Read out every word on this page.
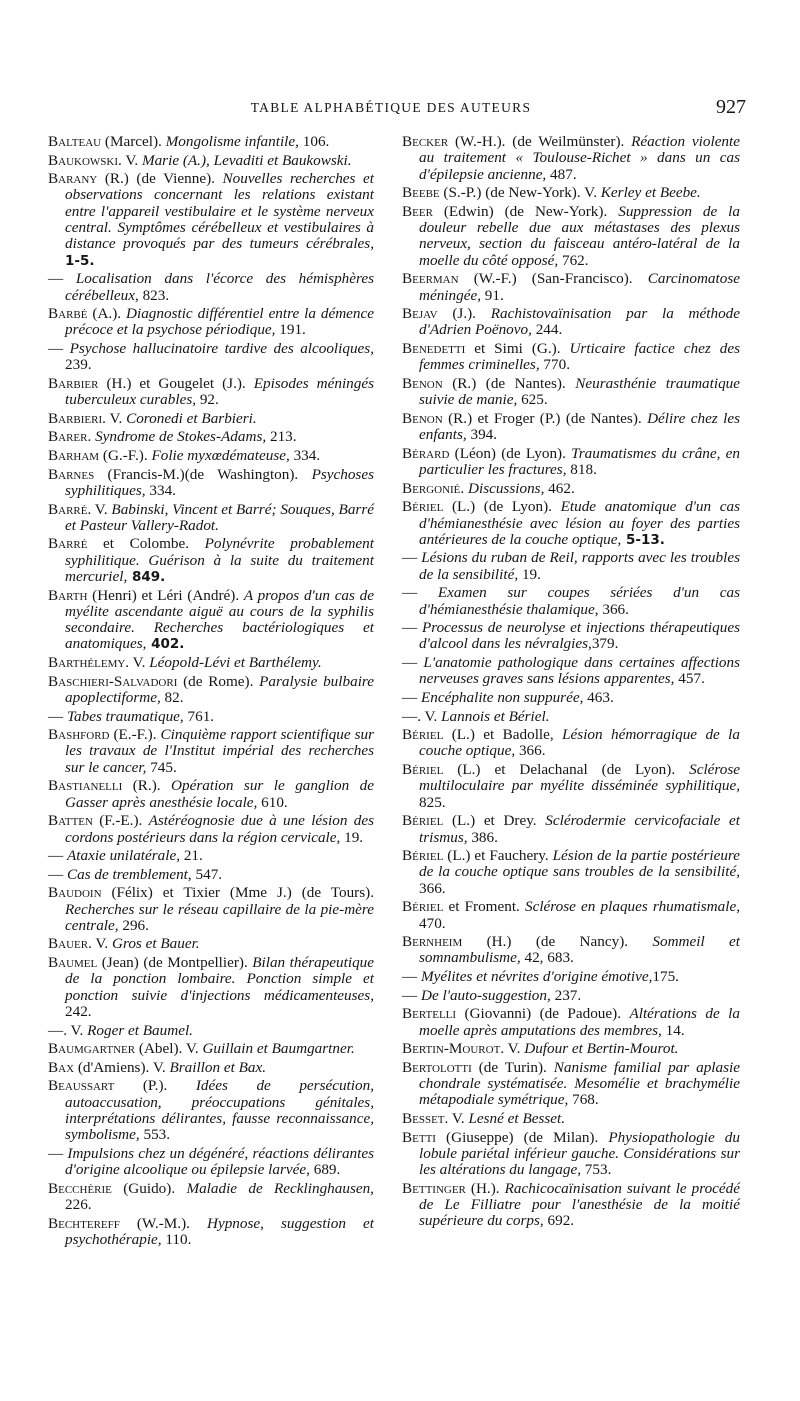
TABLE ALPHABÉTIQUE DES AUTEURS	927

Balteau (Marcel). Mongolisme infantile, 106.

Baukowski. V. Marie (A.), Levaditi et Baukowski.

Barany (R.) (de Vienne). Nouvelles recherches et observations concernant les relations existant entre l'appareil vestibulaire et le système nerveux central. Symptômes cérébelleux et vestibulaires à distance provoqués par des tumeurs cérébrales, 1-5.

— Localisation dans l'écorce des hémisphères cérébelleux, 823.

Barbé (A.). Diagnostic différentiel entre la démence précoce et la psychose périodique, 191.

— Psychose hallucinatoire tardive des alcooliques, 239.

Barbier (H.) et Gougelet (J.). Episodes méningés tuberculeux curables, 92.

Barbieri. V. Coronedi et Barbieri.

Barer. Syndrome de Stokes-Adams, 213.

Barham (G.-F.). Folie myxœdémateuse, 334.

Barnes (Francis-M.)(de Washington). Psychoses syphilitiques, 334.

Barré. V. Babinski, Vincent et Barré; Souques, Barré et Pasteur Vallery-Radot.

Barré et Colombe. Polynévrite probablement syphilitique. Guérison à la suite du traitement mercuriel, 849.

Barth (Henri) et Léri (André). A propos d'un cas de myélite ascendante aiguë au cours de la syphilis secondaire. Recherches bactériologiques et anatomiques, 402.

Barthélemy. V. Léopold-Lévi et Barthélemy.

Baschieri-Salvadori (de Rome). Paralysie bulbaire apoplectiforme, 82.

— Tabes traumatique, 761.

Bashford (E.-F.). Cinquième rapport scientifique sur les travaux de l'Institut impérial des recherches sur le cancer, 745.

Bastianelli (R.). Opération sur le ganglion de Gasser après anesthésie locale, 610.

Batten (F.-E.). Astéréognosie due à une lésion des cordons postérieurs dans la région cervicale, 19.

— Ataxie unilatérale, 21.

— Cas de tremblement, 547.

Baudoin (Félix) et Tixier (Mme J.) (de Tours). Recherches sur le réseau capillaire de la pie-mère centrale, 296.

Bauer. V. Gros et Bauer.

Baumel (Jean) (de Montpellier). Bilan thérapeutique de la ponction lombaire. Ponction simple et ponction suivie d'injections médicamenteuses, 242.

—. V. Roger et Baumel.

Baumgartner (Abel). V. Guillain et Baumgartner.

Bax (d'Amiens). V. Braillon et Bax.

Beaussart (P.). Idées de persécution, autoaccusation, préoccupations génitales, interprétations délirantes, fausse reconnaissance, symbolisme, 553.

— Impulsions chez un dégénéré, réactions délirantes d'origine alcoolique ou épilepsie larvée, 689.

Becchèrie (Guido). Maladie de Recklinghausen, 226.

Bechtereff (W.-M.). Hypnose, suggestion et psychothérapie, 110.

Becker (W.-H.). (de Weilmünster). Réaction violente au traitement « Toulouse-Richet » dans un cas d'épilepsie ancienne, 487.

Beebe (S.-P.) (de New-York). V. Kerley et Beebe.

Beer (Edwin) (de New-York). Suppression de la douleur rebelle due aux métastases des plexus nerveux, section du faisceau antéro-latéral de la moelle du côté opposé, 762.

Beerman (W.-F.) (San-Francisco). Carcinomatose méningée, 91.

Bejav (J.). Rachistovaïnisation par la méthode d'Adrien Poënovo, 244.

Benedetti et Simi (G.). Urticaire factice chez des femmes criminelles, 770.

Benon (R.) (de Nantes). Neurasthénie traumatique suivie de manie, 625.

Benon (R.) et Froger (P.) (de Nantes). Délire chez les enfants, 394.

Bérard (Léon) (de Lyon). Traumatismes du crâne, en particulier les fractures, 818.

Bergonié. Discussions, 462.

Bériel (L.) (de Lyon). Etude anatomique d'un cas d'hémianesthésie avec lésion au foyer des parties antérieures de la couche optique, 5-13.

— Lésions du ruban de Reil, rapports avec les troubles de la sensibilité, 19.

— Examen sur coupes sériées d'un cas d'hémianesthésie thalamique, 366.

— Processus de neurolyse et injections thérapeutiques d'alcool dans les névralgies,379.

— L'anatomie pathologique dans certaines affections nerveuses graves sans lésions apparentes, 457.

— Encéphalite non suppurée, 463.

—. V. Lannois et Bériel.

Bériel (L.) et Badolle, Lésion hémorragique de la couche optique, 366.

Bériel (L.) et Delachanal (de Lyon). Sclérose multiloculaire par myélite disséminée syphilitique, 825.

Bériel (L.) et Drey. Sclérodermie cervicofaciale et trismus, 386.

Bériel (L.) et Fauchery. Lésion de la partie postérieure de la couche optique sans troubles de la sensibilité, 366.

Bériel et Froment. Sclérose en plaques rhumatismale, 470.

Bernheim (H.) (de Nancy). Sommeil et somnambulisme, 42, 683.

— Myélites et névrites d'origine émotive,175.

— De l'auto-suggestion, 237.

Bertelli (Giovanni) (de Padoue). Altérations de la moelle après amputations des membres, 14.

Bertin-Mourot. V. Dufour et Bertin-Mourot.

Bertolotti (de Turin). Nanisme familial par aplasie chondrale systématisée. Mesomélie et brachymélie métapodiale symétrique, 768.

Besset. V. Lesné et Besset.

Betti (Giuseppe) (de Milan). Physiopathologie du lobule pariétal inférieur gauche. Considérations sur les altérations du langage, 753.

Bettinger (H.). Rachicocaïnisation suivant le procédé de Le Filliatre pour l'anesthésie de la moitié supérieure du corps, 692.
